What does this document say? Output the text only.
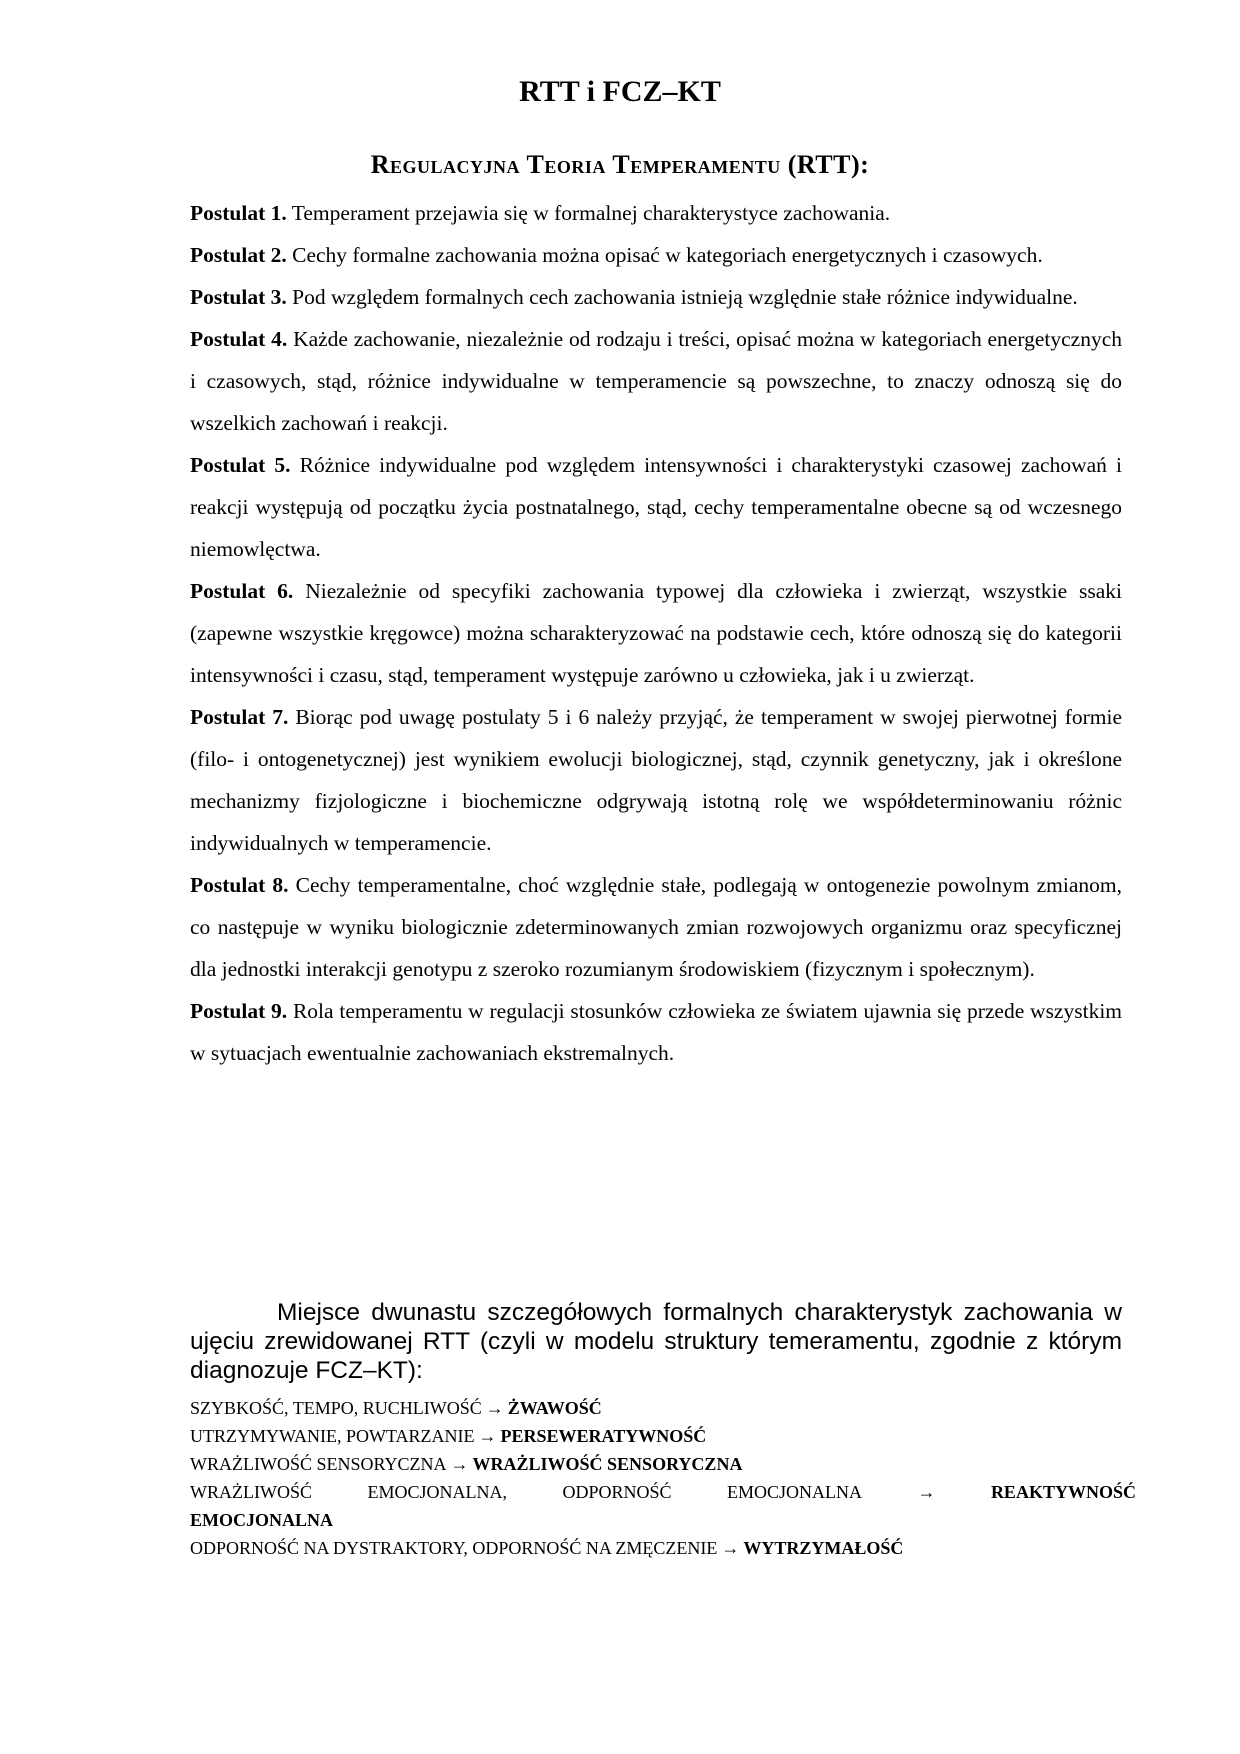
RTT i FCZ–KT
Regulacyjna Teoria Temperamentu (RTT):
Postulat 1. Temperament przejawia się w formalnej charakterystyce zachowania.
Postulat 2. Cechy formalne zachowania można opisać w kategoriach energetycznych i czasowych.
Postulat 3. Pod względem formalnych cech zachowania istnieją względnie stałe różnice indywidualne.
Postulat 4. Każde zachowanie, niezależnie od rodzaju i treści, opisać można w kategoriach energetycznych i czasowych, stąd, różnice indywidualne w temperamencie są powszechne, to znaczy odnoszą się do wszelkich zachowań i reakcji.
Postulat 5. Różnice indywidualne pod względem intensywności i charakterystyki czasowej zachowań i reakcji występują od początku życia postnatalnego, stąd, cechy temperamentalne obecne są od wczesnego niemowlęctwa.
Postulat 6. Niezależnie od specyfiki zachowania typowej dla człowieka i zwierząt, wszystkie ssaki (zapewne wszystkie kręgowce) można scharakteryzować na podstawie cech, które odnoszą się do kategorii intensywności i czasu, stąd, temperament występuje zarówno u człowieka, jak i u zwierząt.
Postulat 7. Biorąc pod uwagę postulaty 5 i 6 należy przyjąć, że temperament w swojej pierwotnej formie (filo- i ontogenetycznej) jest wynikiem ewolucji biologicznej, stąd, czynnik genetyczny, jak i określone mechanizmy fizjologiczne i biochemiczne odgrywają istotną rolę we współdeterminowaniu różnic indywidualnych w temperamencie.
Postulat 8. Cechy temperamentalne, choć względnie stałe, podlegają w ontogenezie powolnym zmianom, co następuje w wyniku biologicznie zdeterminowanych zmian rozwojowych organizmu oraz specyficznej dla jednostki interakcji genotypu z szeroko rozumianym środowiskiem (fizycznym i społecznym).
Postulat 9. Rola temperamentu w regulacji stosunków człowieka ze światem ujawnia się przede wszystkim w sytuacjach ewentualnie zachowaniach ekstremalnych.

Miejsce dwunastu szczegółowych formalnych charakterystyk zachowania w ujęciu zrewidowanej RTT (czyli w modelu struktury temeramentu, zgodnie z którym diagnozuje FCZ–KT):

SZYBKOŚĆ, TEMPO, RUCHLIWOŚĆ → ŻWAWOŚĆ
UTRZYMYWANIE, POWTARZANIE → PERSEWERATYWNOŚĆ
WRAŻLIWOŚĆ SENSORYCZNA → WRAŻLIWOŚĆ SENSORYCZNA
WRAŻLIWOŚĆ	EMOCJONALNA,	ODPORNOŚĆ	EMOCJONALNA	→	REAKTYWNOŚĆ
EMOCJONALNA
ODPORNOŚĆ NA DYSTRAKTORY, ODPORNOŚĆ NA ZMĘCZENIE → WYTRZYMAŁOŚĆ
